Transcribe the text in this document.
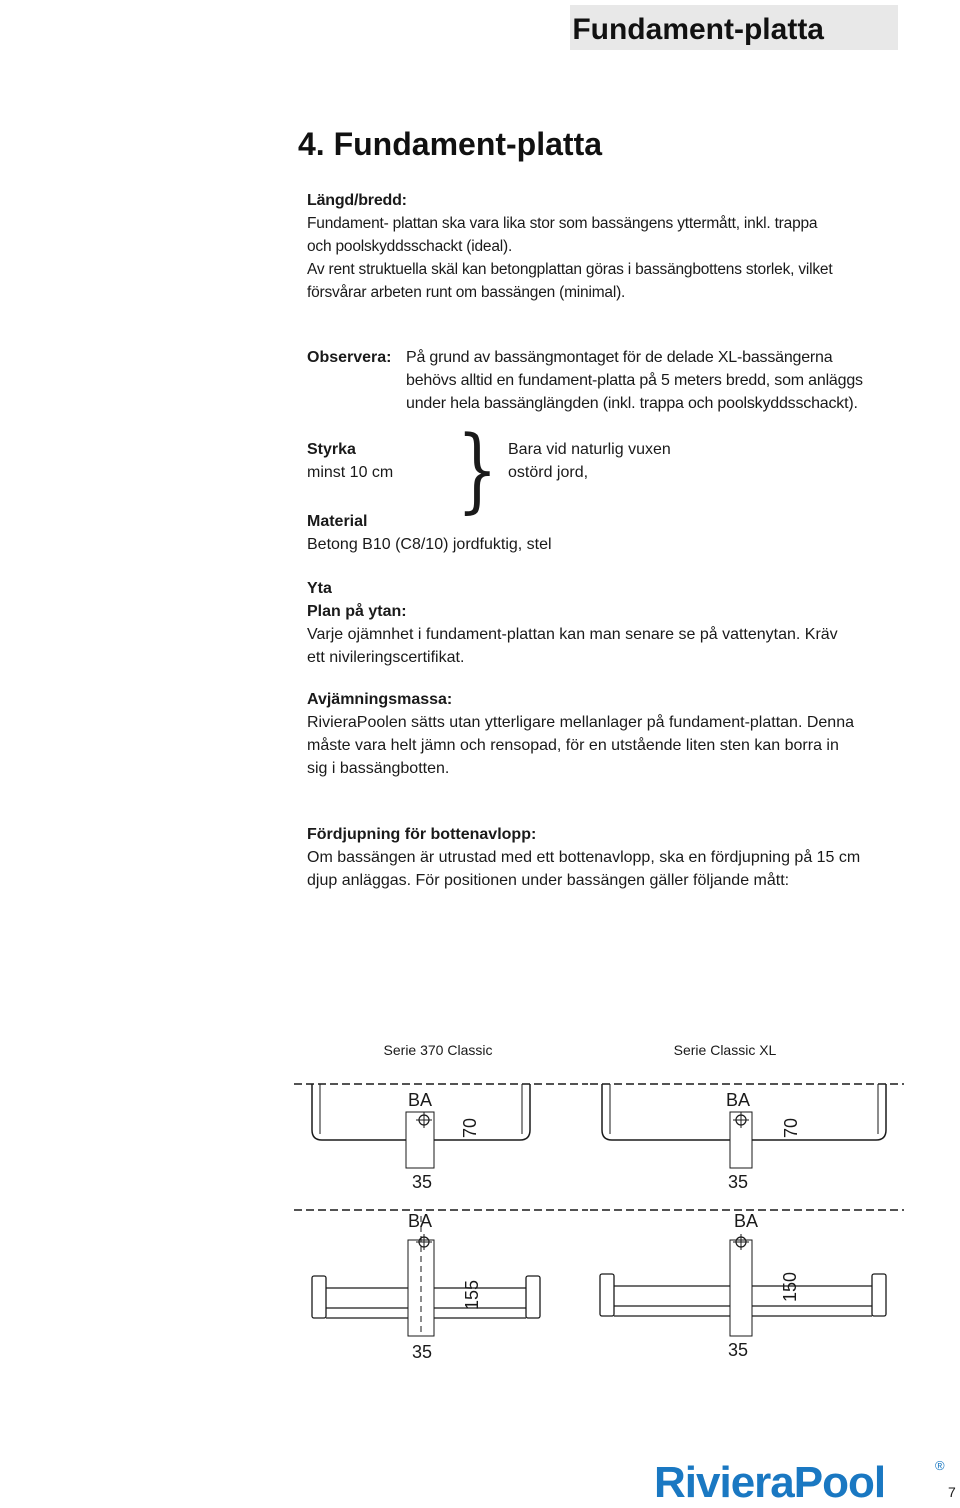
Fundament-platta
4. Fundament-platta
Längd/bredd:
Fundament- plattan ska vara lika stor som bassängens yttermått, inkl. trappa
och poolskyddsschackt (ideal).
Av rent struktuella skäl kan betongplattan göras i bassängbottens storlek, vilket
försvårar arbeten runt om bassängen (minimal).
Observera: På grund av bassängmontaget för de delade XL-bassängerna
behövs alltid en fundament-platta på 5 meters bredd, som anläggs
under hela bassänglängden (inkl. trappa och poolskyddsschackt).
Styrka
minst 10 cm } Bara vid naturlig vuxen
ostörd jord,
Material
Betong B10 (C8/10) jordfuktig, stel
Yta
Plan på ytan:
Varje ojämnhet i fundament-plattan kan man senare se på vattenytan. Kräv
ett nivileringscertifikat.
Avjämningsmassa:
RivieraPoolen sätts utan ytterligare mellanlager på fundament-plattan. Denna
måste vara helt jämn och rensopad, för en utstående liten sten kan borra in
sig i bassängbotten.
Fördjupning för bottenavlopp:
Om bassängen är utrustad med ett bottenavlopp, ska en fördjupning på 15 cm
djup anläggas. För positionen under bassängen gäller följande mått:
Serie 370 Classic	Serie Classic XL
BA
70
35
BA
70
35
BA
155
35
BA
150
35
RivieraPool	®
7
